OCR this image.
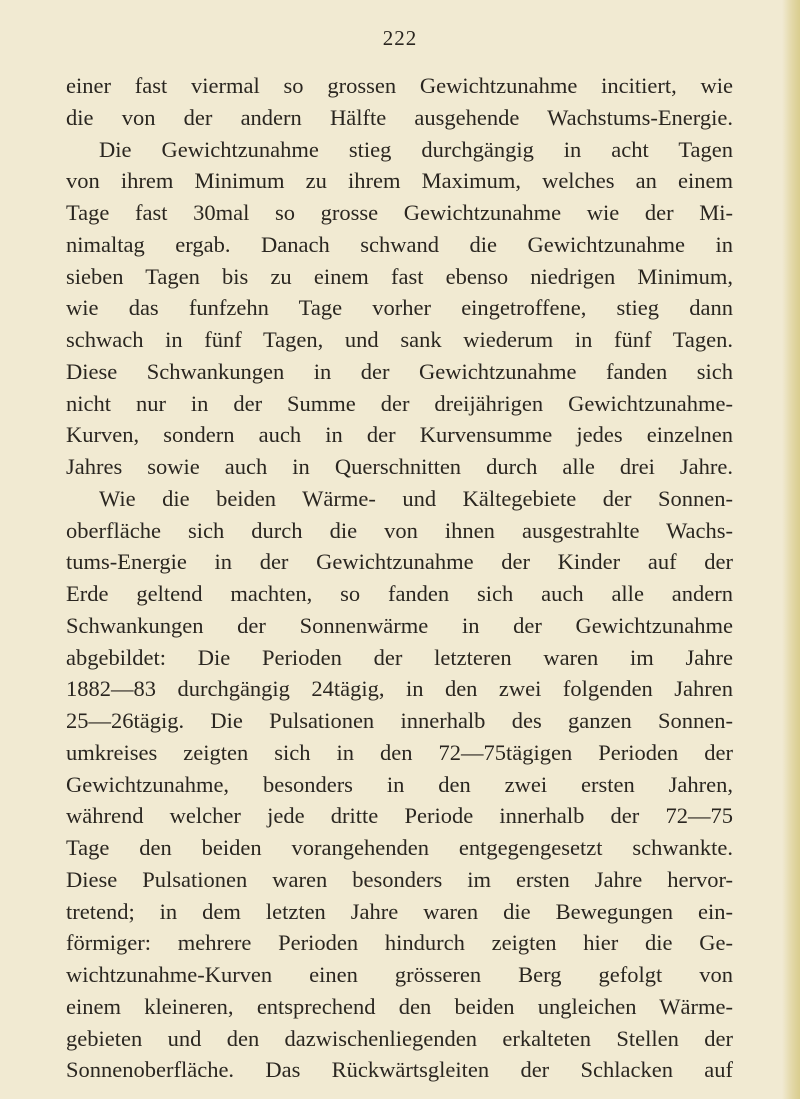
222
einer fast viermal so grossen Gewichtzunahme incitiert, wie
die von der andern Hälfte ausgehende Wachstums-Energie.
Die Gewichtzunahme stieg durchgängig in acht Tagen
von ihrem Minimum zu ihrem Maximum, welches an einem
Tage fast 30mal so grosse Gewichtzunahme wie der Mi-
nimaltag ergab. Danach schwand die Gewichtzunahme in
sieben Tagen bis zu einem fast ebenso niedrigen Minimum,
wie das funfzehn Tage vorher eingetroffene, stieg dann
schwach in fünf Tagen, und sank wiederum in fünf Tagen.
Diese Schwankungen in der Gewichtzunahme fanden sich
nicht nur in der Summe der dreijährigen Gewichtzunahme-
Kurven, sondern auch in der Kurvensumme jedes einzelnen
Jahres sowie auch in Querschnitten durch alle drei Jahre.
Wie die beiden Wärme- und Kältegebiete der Sonnen-
oberfläche sich durch die von ihnen ausgestrahlte Wachs-
tums-Energie in der Gewichtzunahme der Kinder auf der
Erde geltend machten, so fanden sich auch alle andern
Schwankungen der Sonnenwärme in der Gewichtzunahme
abgebildet: Die Perioden der letzteren waren im Jahre
1882—83 durchgängig 24tägig, in den zwei folgenden Jahren
25—26tägig. Die Pulsationen innerhalb des ganzen Sonnen-
umkreises zeigten sich in den 72—75tägigen Perioden der
Gewichtzunahme, besonders in den zwei ersten Jahren,
während welcher jede dritte Periode innerhalb der 72—75
Tage den beiden vorangehenden entgegengesetzt schwankte.
Diese Pulsationen waren besonders im ersten Jahre hervor-
tretend; in dem letzten Jahre waren die Bewegungen ein-
förmiger: mehrere Perioden hindurch zeigten hier die Ge-
wichtzunahme-Kurven einen grösseren Berg gefolgt von
einem kleineren, entsprechend den beiden ungleichen Wärme-
gebieten und den dazwischenliegenden erkalteten Stellen der
Sonnenoberfläche. Das Rückwärtsgleiten der Schlacken auf
